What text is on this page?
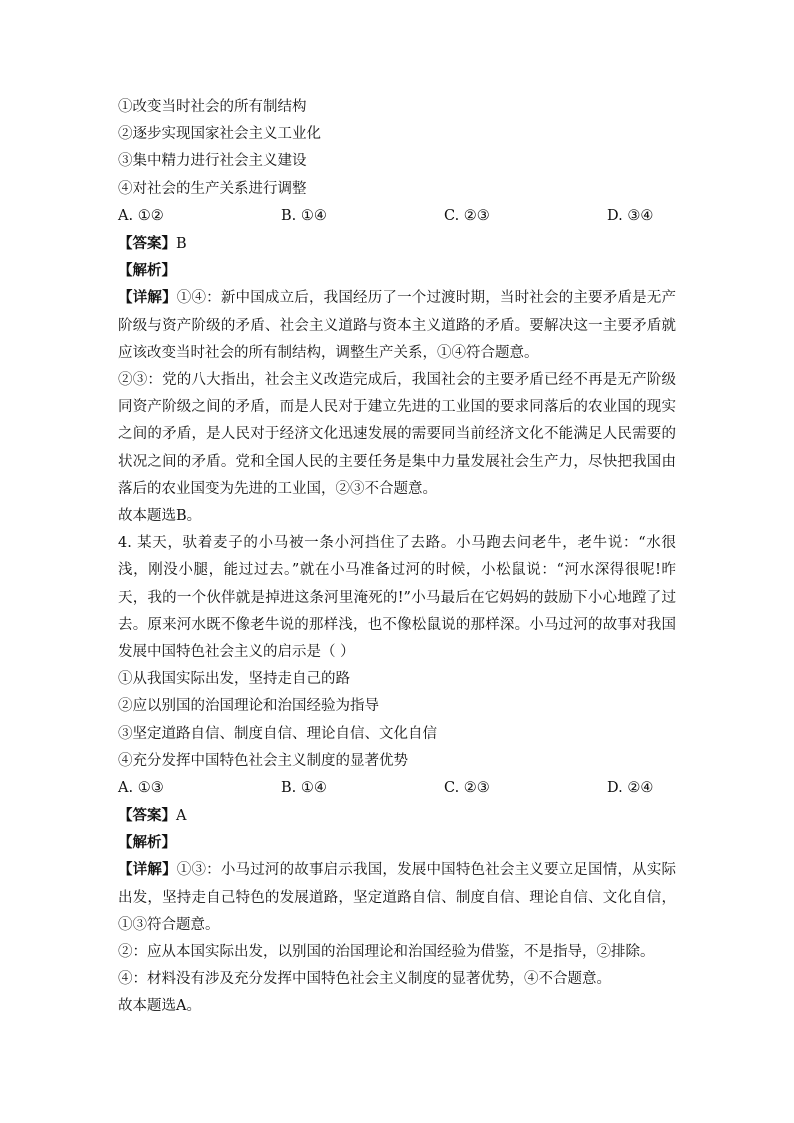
①改变当时社会的所有制结构
②逐步实现国家社会主义工业化
③集中精力进行社会主义建设
④对社会的生产关系进行调整
A. ①②	B. ①④	C. ②③	D. ③④
【答案】B
【解析】
【详解】①④：新中国成立后，我国经历了一个过渡时期，当时社会的主要矛盾是无产阶级与资产阶级的矛盾、社会主义道路与资本主义道路的矛盾。要解决这一主要矛盾就应该改变当时社会的所有制结构，调整生产关系，①④符合题意。
②③：党的八大指出，社会主义改造完成后，我国社会的主要矛盾已经不再是无产阶级同资产阶级之间的矛盾，而是人民对于建立先进的工业国的要求同落后的农业国的现实之间的矛盾，是人民对于经济文化迅速发展的需要同当前经济文化不能满足人民需要的状况之间的矛盾。党和全国人民的主要任务是集中力量发展社会生产力，尽快把我国由落后的农业国变为先进的工业国，②③不合题意。
故本题选B。
4. 某天，驮着麦子的小马被一条小河挡住了去路。小马跑去问老牛，老牛说：“水很浅，刚没小腿，能过过去。”就在小马准备过河的时候，小松鼠说：“河水深得很呢!昨天，我的一个伙伴就是掉进这条河里淹死的!”小马最后在它妈妈的鼓励下小心地蹚了过去。原来河水既不像老牛说的那样浅，也不像松鼠说的那样深。小马过河的故事对我国发展中国特色社会主义的启示是（ ）
①从我国实际出发，坚持走自己的路
②应以别国的治国理论和治国经验为指导
③坚定道路自信、制度自信、理论自信、文化自信
④充分发挥中国特色社会主义制度的显著优势
A. ①③	B. ①④	C. ②③	D. ②④
【答案】A
【解析】
【详解】①③：小马过河的故事启示我国，发展中国特色社会主义要立足国情，从实际出发，坚持走自己特色的发展道路，坚定道路自信、制度自信、理论自信、文化自信，①③符合题意。
②：应从本国实际出发，以别国的治国理论和治国经验为借鉴，不是指导，②排除。
④：材料没有涉及充分发挥中国特色社会主义制度的显著优势，④不合题意。
故本题选A。
